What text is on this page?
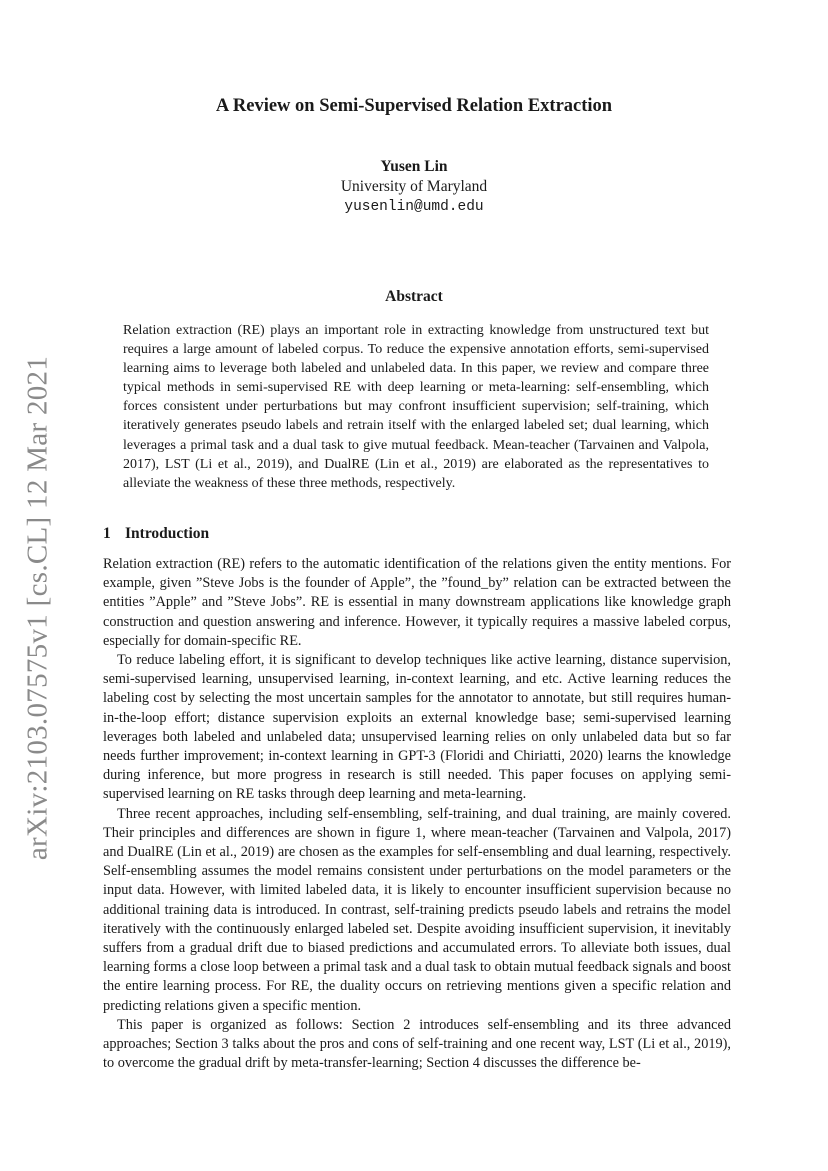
arXiv:2103.07575v1 [cs.CL] 12 Mar 2021
A Review on Semi-Supervised Relation Extraction
Yusen Lin
University of Maryland
yusenlin@umd.edu
Abstract

Relation extraction (RE) plays an important role in extracting knowledge from unstructured text but requires a large amount of labeled corpus. To reduce the expensive annotation efforts, semi-supervised learning aims to leverage both labeled and unlabeled data. In this paper, we review and compare three typical methods in semi-supervised RE with deep learning or meta-learning: self-ensembling, which forces consistent under perturbations but may confront insufficient supervision; self-training, which iteratively generates pseudo labels and retrain itself with the enlarged labeled set; dual learning, which leverages a primal task and a dual task to give mutual feedback. Mean-teacher (Tarvainen and Valpola, 2017), LST (Li et al., 2019), and DualRE (Lin et al., 2019) are elaborated as the representatives to alleviate the weakness of these three methods, respectively.

1 Introduction

Relation extraction (RE) refers to the automatic identification of the relations given the entity mentions. For example, given ”Steve Jobs is the founder of Apple”, the ”found_by” relation can be extracted between the entities ”Apple” and ”Steve Jobs”. RE is essential in many downstream applications like knowledge graph construction and question answering and inference. However, it typically requires a massive labeled corpus, especially for domain-specific RE.

To reduce labeling effort, it is significant to develop techniques like active learning, distance supervision, semi-supervised learning, unsupervised learning, in-context learning, and etc. Active learning reduces the labeling cost by selecting the most uncertain samples for the annotator to annotate, but still requires human-in-the-loop effort; distance supervision exploits an external knowledge base; semi-supervised learning leverages both labeled and unlabeled data; unsupervised learning relies on only unlabeled data but so far needs further improvement; in-context learning in GPT-3 (Floridi and Chiriatti, 2020) learns the knowledge during inference, but more progress in research is still needed. This paper focuses on applying semi-supervised learning on RE tasks through deep learning and meta-learning.

Three recent approaches, including self-ensembling, self-training, and dual training, are mainly covered. Their principles and differences are shown in figure 1, where mean-teacher (Tarvainen and Valpola, 2017) and DualRE (Lin et al., 2019) are chosen as the examples for self-ensembling and dual learning, respectively. Self-ensembling assumes the model remains consistent under perturbations on the model parameters or the input data. However, with limited labeled data, it is likely to encounter insufficient supervision because no additional training data is introduced. In contrast, self-training predicts pseudo labels and retrains the model iteratively with the continuously enlarged labeled set. Despite avoiding insufficient supervision, it inevitably suffers from a gradual drift due to biased predictions and accumulated errors. To alleviate both issues, dual learning forms a close loop between a primal task and a dual task to obtain mutual feedback signals and boost the entire learning process. For RE, the duality occurs on retrieving mentions given a specific relation and predicting relations given a specific mention.

This paper is organized as follows: Section 2 introduces self-ensembling and its three advanced approaches; Section 3 talks about the pros and cons of self-training and one recent way, LST (Li et al., 2019), to overcome the gradual drift by meta-transfer-learning; Section 4 discusses the difference be-
